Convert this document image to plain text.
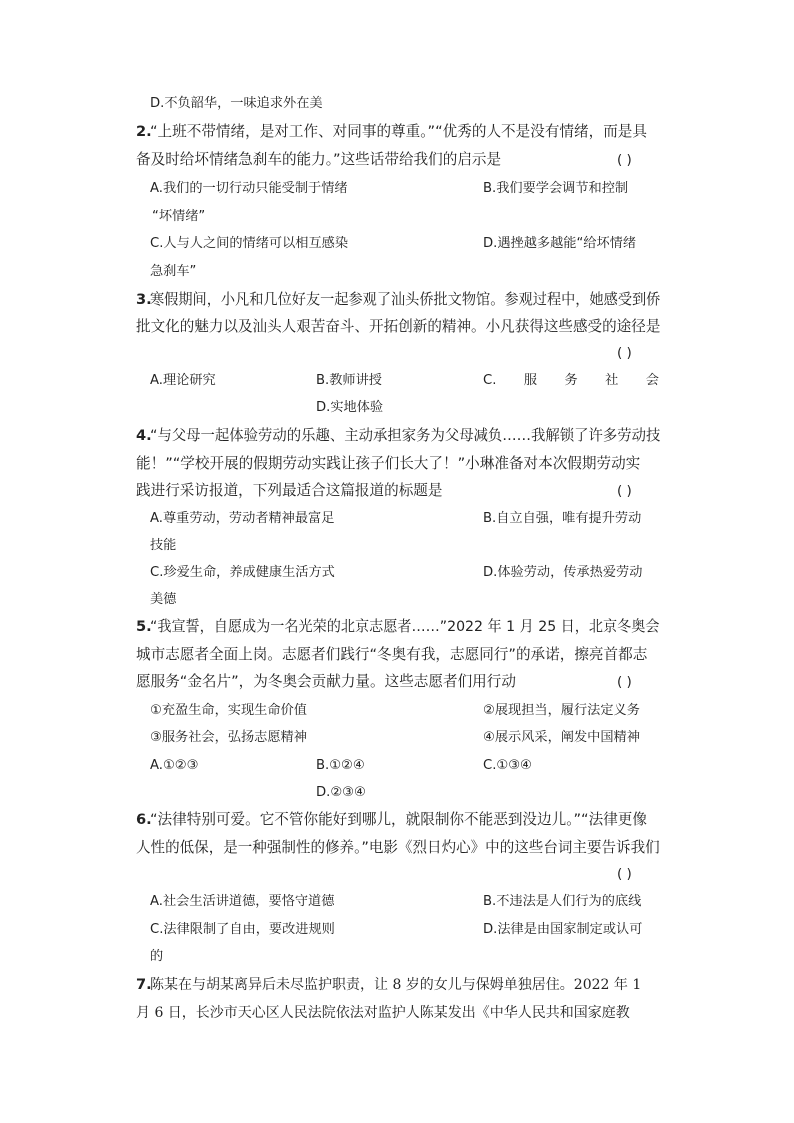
D.不负韶华，一味追求外在美
2.
“上班不带情绪，是对工作、对同事的尊重。”“优秀的人不是没有情绪，而是具
备及时给坏情绪急刹车的能力。”这些话带给我们的启示是	( )
A.我们的一切行动只能受制于情绪	B.我们要学会调节和控制
“坏情绪”
C.人与人之间的情绪可以相互感染	D.遇挫越多越能“给坏情绪
急刹车”
3.
寒假期间，小凡和几位好友一起参观了汕头侨批文物馆。参观过程中，她感受到侨
批文化的魅力以及汕头人艰苦奋斗、开拓创新的精神。小凡获得这些感受的途径是
( )
A.理论研究	B.教师讲授	C. 服 务 社 会
D.实地体验
4.
“与父母一起体验劳动的乐趣、主动承担家务为父母减负……我解锁了许多劳动技
能！”“学校开展的假期劳动实践让孩子们长大了！”小琳准备对本次假期劳动实
践进行采访报道，下列最适合这篇报道的标题是	( )
A.尊重劳动，劳动者精神最富足	B.自立自强，唯有提升劳动
技能
C.珍爱生命，养成健康生活方式	D.体验劳动，传承热爱劳动
美德
5.
“我宣誓，自愿成为一名光荣的北京志愿者……”2022 年 1 月 25 日，北京冬奥会
城市志愿者全面上岗。志愿者们践行“冬奥有我，志愿同行”的承诺，擦亮首都志
愿服务“金名片”，为冬奥会贡献力量。这些志愿者们用行动	( )
①充盈生命，实现生命价值	②展现担当，履行法定义务
③服务社会，弘扬志愿精神	④展示风采，阐发中国精神
A.①②③	B.①②④	C.①③④
D.②③④
6.
“法律特别可爱。它不管你能好到哪儿，就限制你不能恶到没边儿。”“法律更像
人性的低保，是一种强制性的修养。”电影《烈日灼心》中的这些台词主要告诉我们
( )
A.社会生活讲道德，要恪守道德	B.不违法是人们行为的底线
C.法律限制了自由，要改进规则	D.法律是由国家制定或认可
的
7.
陈某在与胡某离异后未尽监护职责，让 8 岁的女儿与保姆单独居住。2022 年 1
月 6 日，长沙市天心区人民法院依法对监护人陈某发出《中华人民共和国家庭教
